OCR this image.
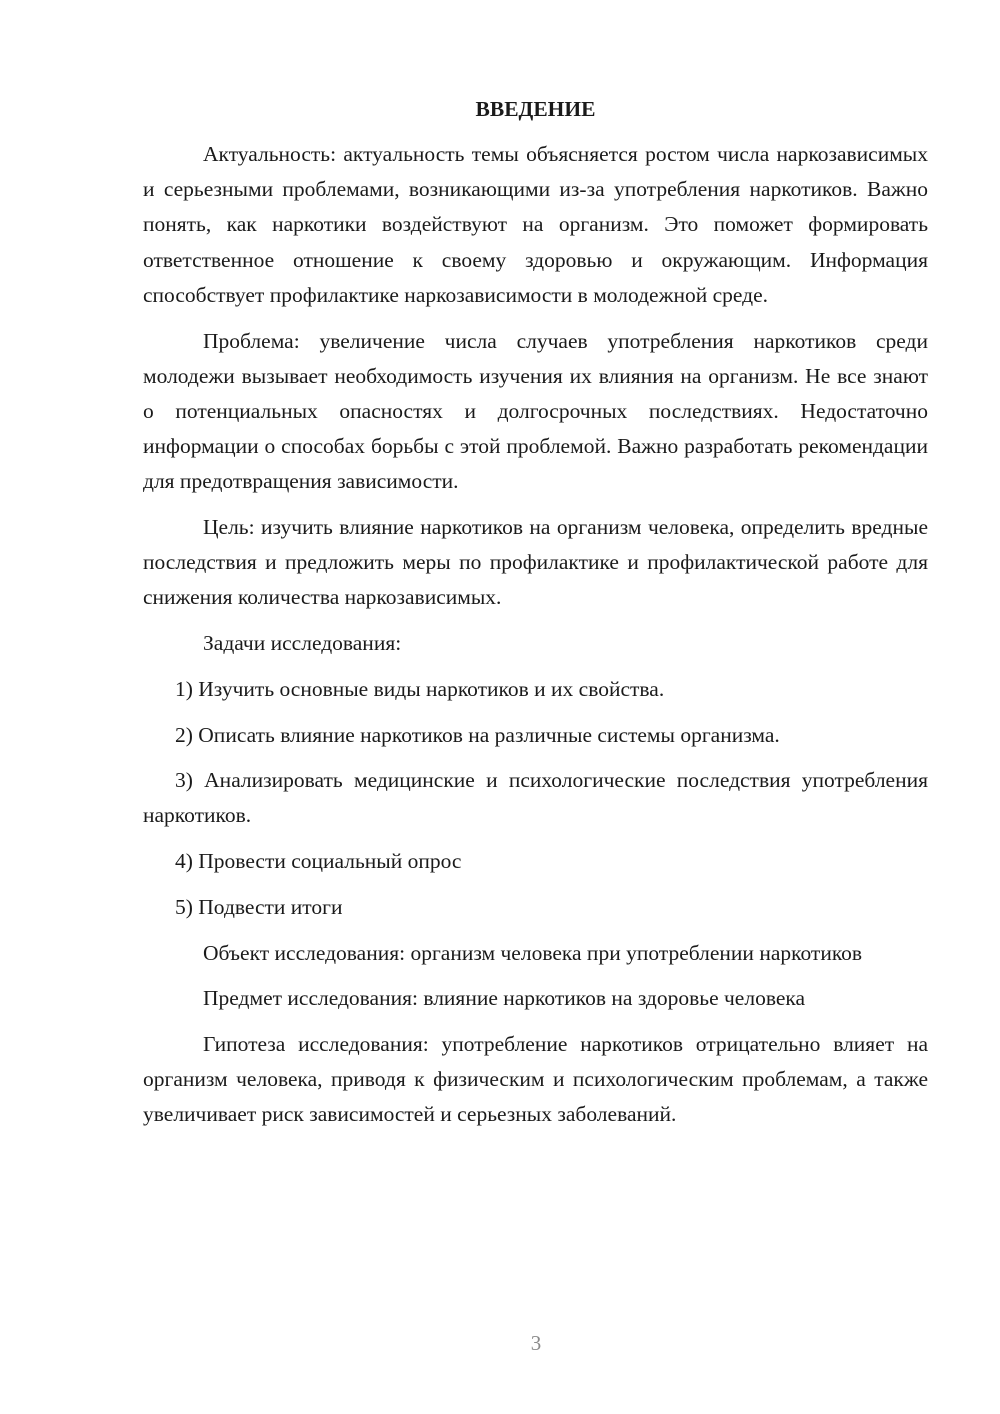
ВВЕДЕНИЕ

Актуальность: актуальность темы объясняется ростом числа наркозависимых и серьезными проблемами, возникающими из-за употребления наркотиков. Важно понять, как наркотики воздействуют на организм. Это поможет формировать ответственное отношение к своему здоровью и окружающим. Информация способствует профилактике наркозависимости в молодежной среде.

Проблема: увеличение числа случаев употребления наркотиков среди молодежи вызывает необходимость изучения их влияния на организм. Не все знают о потенциальных опасностях и долгосрочных последствиях. Недостаточно информации о способах борьбы с этой проблемой. Важно разработать рекомендации для предотвращения зависимости.

Цель: изучить влияние наркотиков на организм человека, определить вредные последствия и предложить меры по профилактике и профилактической работе для снижения количества наркозависимых.

Задачи исследования:

1) Изучить основные виды наркотиков и их свойства.

2) Описать влияние наркотиков на различные системы организма.

3) Анализировать медицинские и психологические последствия употребления наркотиков.

4) Провести социальный опрос

5) Подвести итоги

Объект исследования: организм человека при употреблении наркотиков

Предмет исследования: влияние наркотиков на здоровье человека

Гипотеза исследования: употребление наркотиков отрицательно влияет на организм человека, приводя к физическим и психологическим проблемам, а также увеличивает риск зависимостей и серьезных заболеваний.

3
